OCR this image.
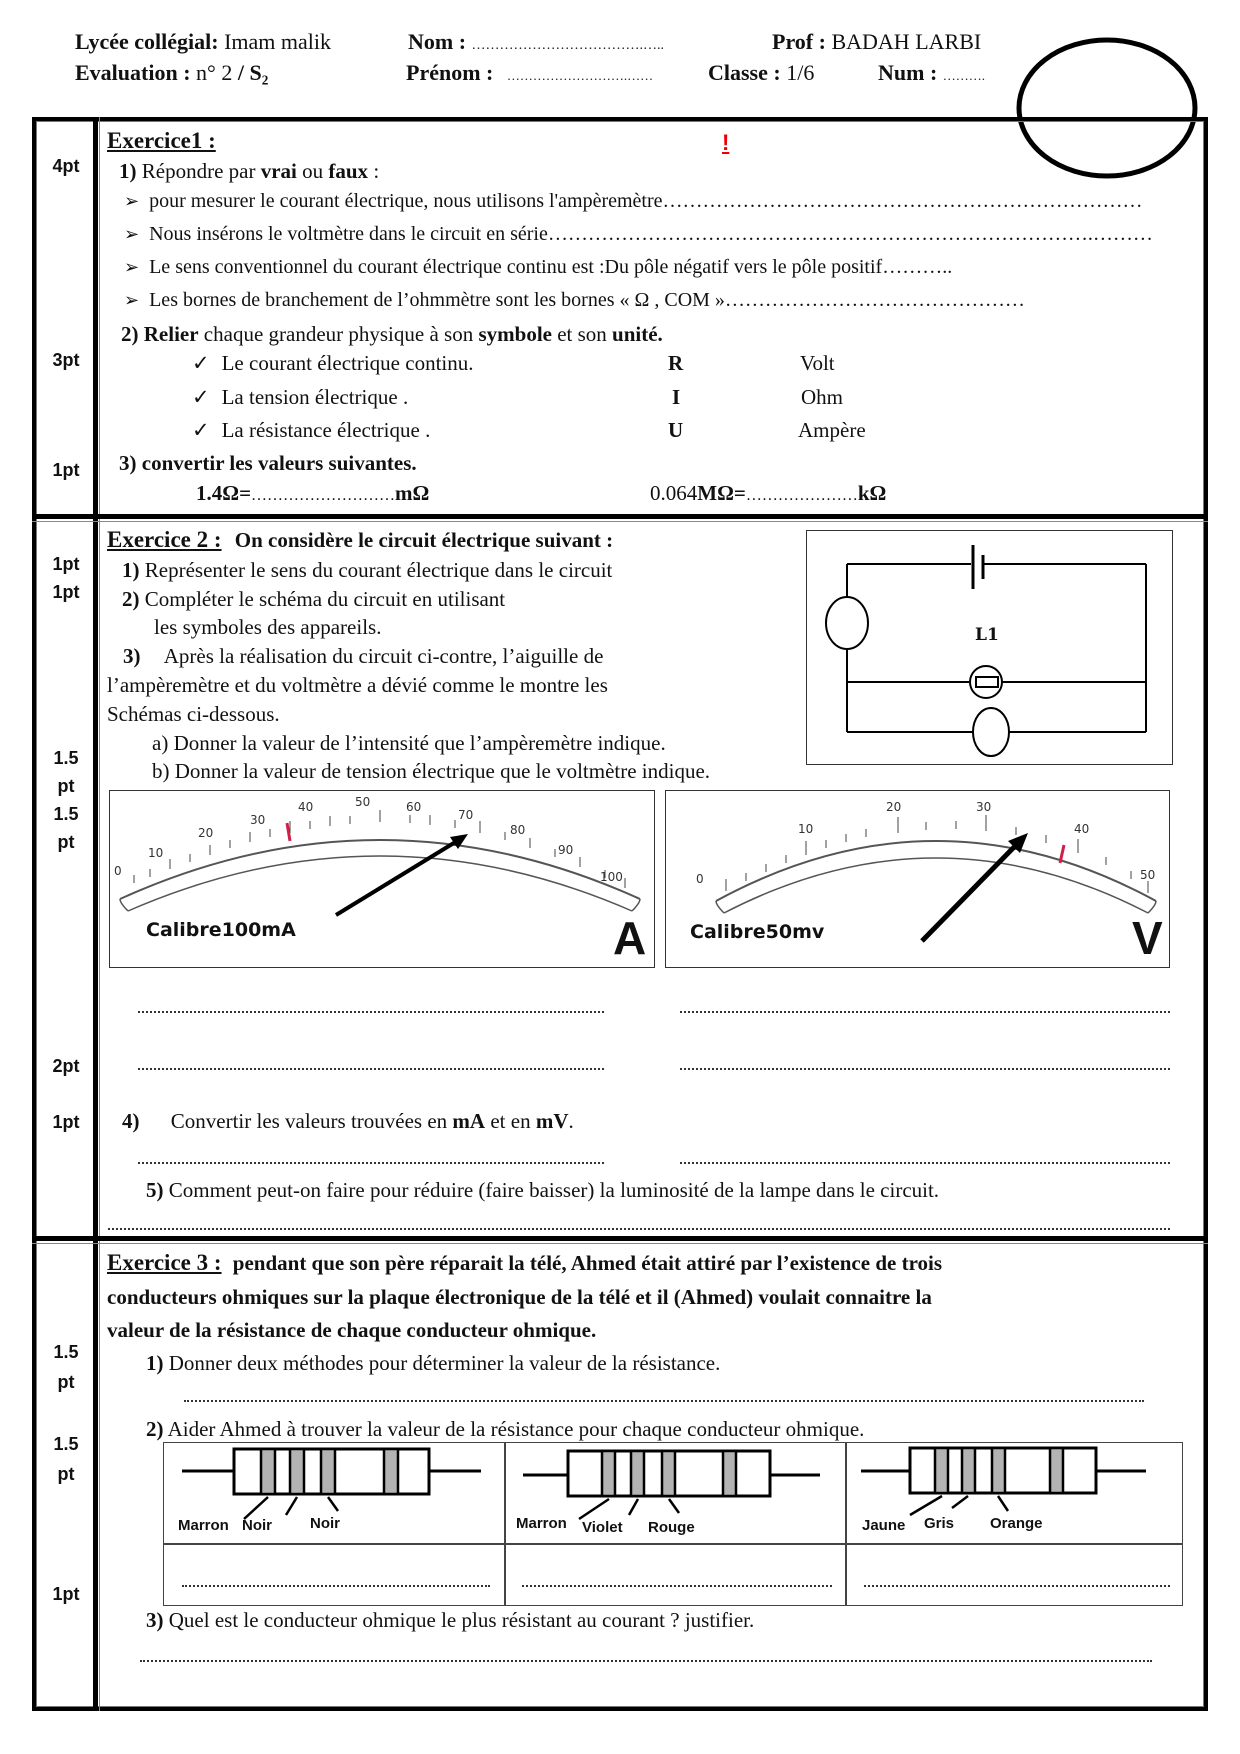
Lycée collégial: Imam malik	Nom : ……………………………….…..	Prof : BADAH LARBI
Evaluation : n° 2 / S₂	Prénom : ……………………….…… Classe : 1/6	Num : ……….
4pt
3pt
1pt
1pt
1pt
1.5
pt
1.5
pt
2pt
1pt
1.5
pt
1.5
pt
1pt
Exercice1 :	!
1) Répondre par vrai ou faux :
➢ pour mesurer le courant électrique, nous utilisons l'ampèremètre………………………………………………………………
➢ Nous insérons le voltmètre dans le circuit en série……………………………………………………………………….………
➢ Le sens conventionnel du courant électrique continu est :Du pôle négatif vers le pôle positif………..
➢ Les bornes de branchement de l’ohmmètre sont les bornes « Ω , COM »………………………………………
2) Relier chaque grandeur physique à son symbole et son unité.
✓ Le courant électrique continu.	R	Volt
✓ La tension électrique .	I	Ohm
✓ La résistance électrique .	U	Ampère
3) convertir les valeurs suivantes.
1.4Ω=………………………mΩ	0.064MΩ=…………………kΩ
Exercice 2 : On considère le circuit électrique suivant :
1) Représenter le sens du courant électrique dans le circuit
2) Compléter le schéma du circuit en utilisant
les symboles des appareils.
3) Après la réalisation du circuit ci-contre, l’aiguille de
l’ampèremètre et du voltmètre a dévié comme le montre les
Schémas ci-dessous.
a) Donner la valeur de l’intensité que l’ampèremètre indique.
b) Donner la valeur de tension électrique que le voltmètre indique.
L1
0
10
20
30
40	50	60
70
80
90
100
Calibre100mA	A
0
10
20	30
40
50
Calibre50mv	V
4) Convertir les valeurs trouvées en mA et en mV.
5) Comment peut-on faire pour réduire (faire baisser) la luminosité de la lampe dans le circuit.
Exercice 3 : pendant que son père réparait la télé, Ahmed était attiré par l’existence de trois
conducteurs ohmiques sur la plaque électronique de la télé et il (Ahmed) voulait connaitre la
valeur de la résistance de chaque conducteur ohmique.
1) Donner deux méthodes pour déterminer la valeur de la résistance.
2) Aider Ahmed à trouver la valeur de la résistance pour chaque conducteur ohmique.
Marron Noir	Noir	Marron Violet Rouge	Jaune Gris Orange
3) Quel est le conducteur ohmique le plus résistant au courant ? justifier.
